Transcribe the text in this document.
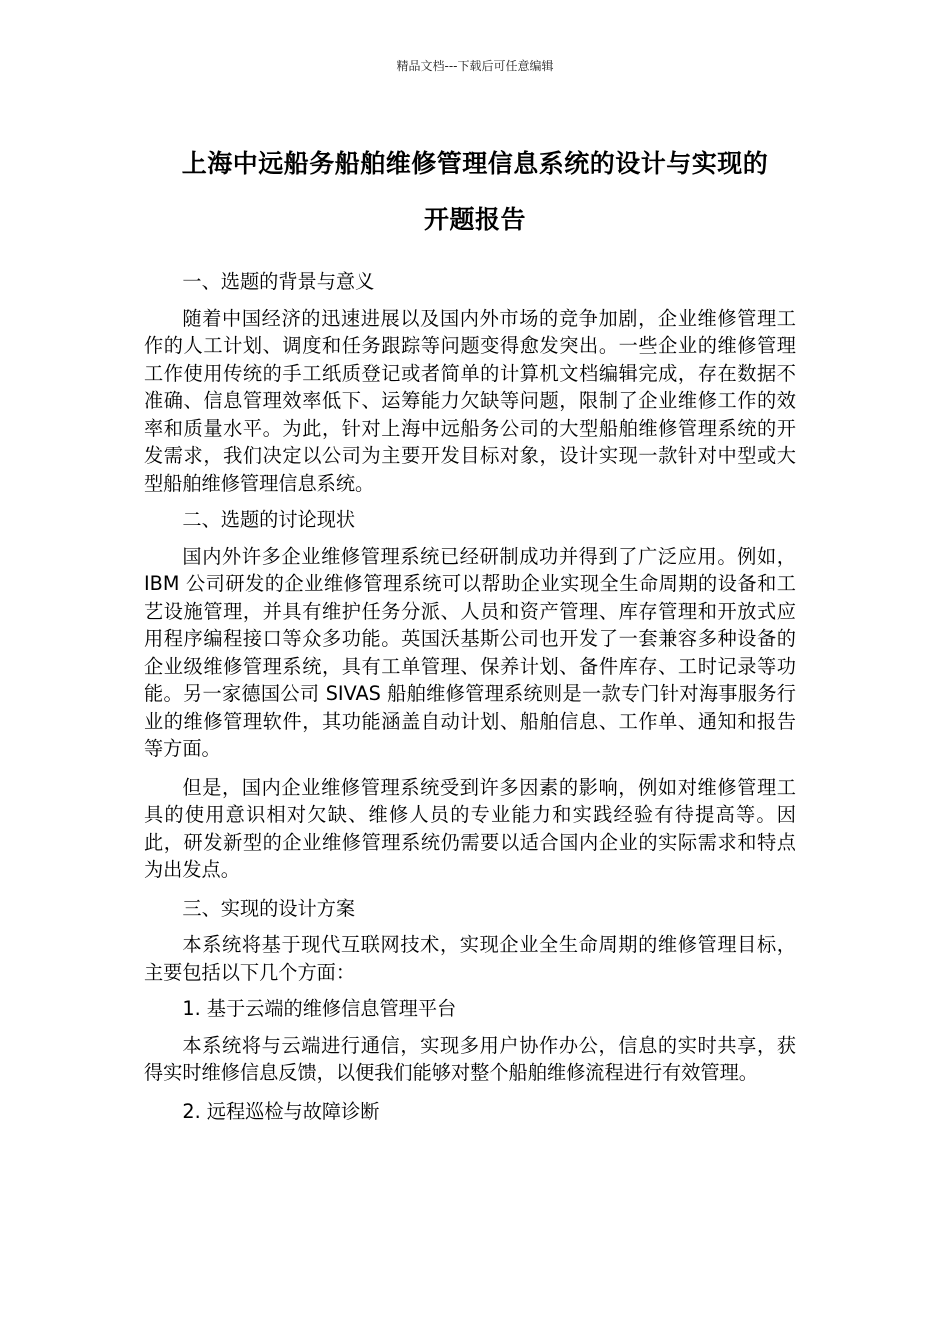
精品文档---下载后可任意编辑
上海中远船务船舶维修管理信息系统的设计与实现的
开题报告

一、选题的背景与意义

随着中国经济的迅速进展以及国内外市场的竞争加剧，企业维修管理工作的人工计划、调度和任务跟踪等问题变得愈发突出。一些企业的维修管理工作使用传统的手工纸质登记或者简单的计算机文档编辑完成，存在数据不准确、信息管理效率低下、运筹能力欠缺等问题，限制了企业维修工作的效率和质量水平。为此，针对上海中远船务公司的大型船舶维修管理系统的开发需求，我们决定以公司为主要开发目标对象，设计实现一款针对中型或大型船舶维修管理信息系统。

二、选题的讨论现状

国内外许多企业维修管理系统已经研制成功并得到了广泛应用。例如，IBM 公司研发的企业维修管理系统可以帮助企业实现全生命周期的设备和工艺设施管理，并具有维护任务分派、人员和资产管理、库存管理和开放式应用程序编程接口等众多功能。英国沃基斯公司也开发了一套兼容多种设备的企业级维修管理系统，具有工单管理、保养计划、备件库存、工时记录等功能。另一家德国公司 SIVAS 船舶维修管理系统则是一款专门针对海事服务行业的维修管理软件，其功能涵盖自动计划、船舶信息、工作单、通知和报告等方面。

但是，国内企业维修管理系统受到许多因素的影响，例如对维修管理工具的使用意识相对欠缺、维修人员的专业能力和实践经验有待提高等。因此，研发新型的企业维修管理系统仍需要以适合国内企业的实际需求和特点为出发点。

三、实现的设计方案

本系统将基于现代互联网技术，实现企业全生命周期的维修管理目标，主要包括以下几个方面：

1. 基于云端的维修信息管理平台

本系统将与云端进行通信，实现多用户协作办公，信息的实时共享，获得实时维修信息反馈，以便我们能够对整个船舶维修流程进行有效管理。

2. 远程巡检与故障诊断
